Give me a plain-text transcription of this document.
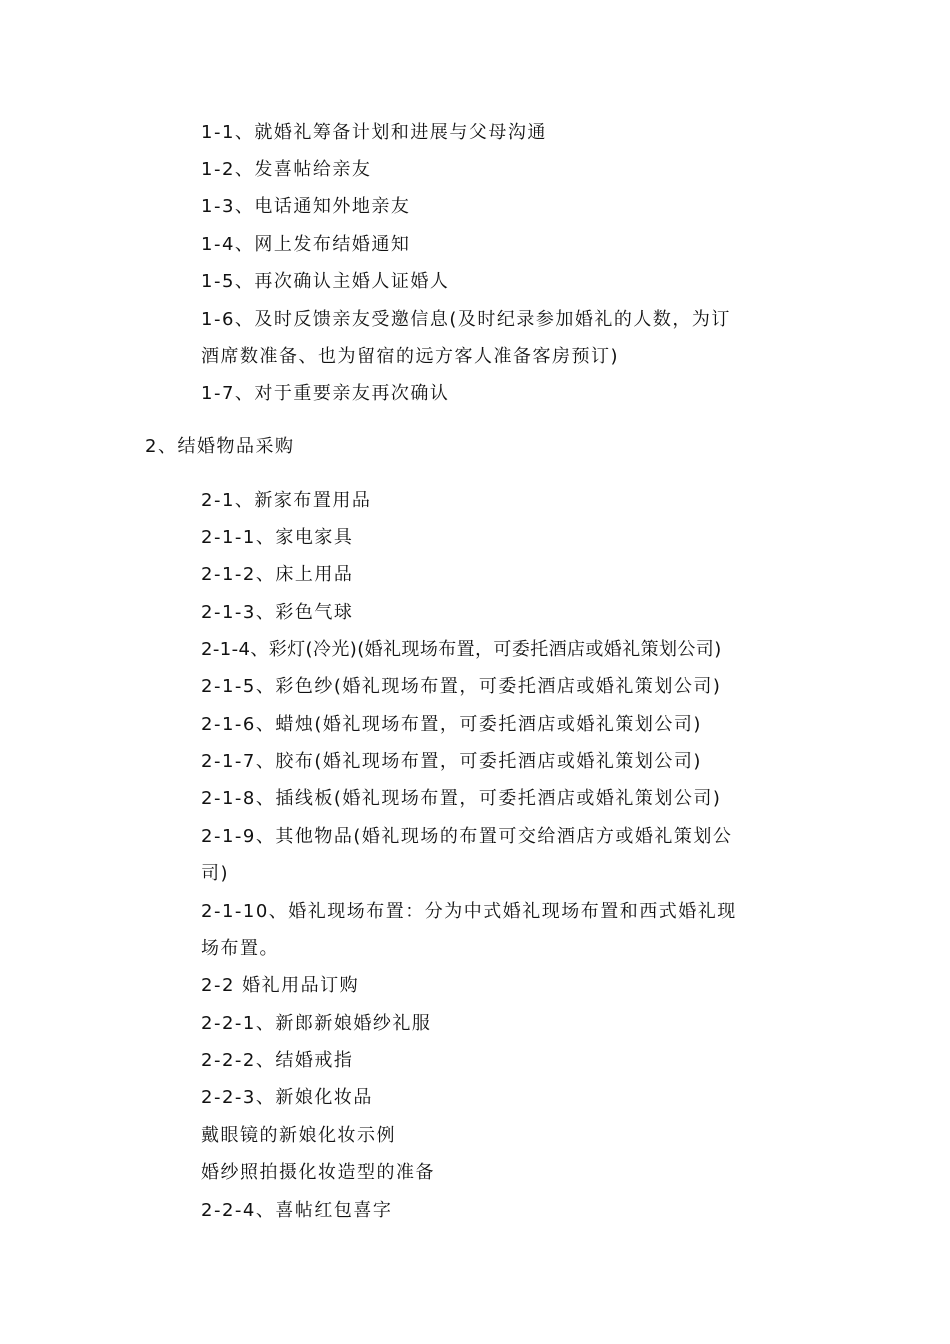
1-1、就婚礼筹备计划和进展与父母沟通
1-2、发喜帖给亲友
1-3、电话通知外地亲友
1-4、网上发布结婚通知
1-5、再次确认主婚人证婚人
1-6、及时反馈亲友受邀信息(及时纪录参加婚礼的人数，为订
酒席数准备、也为留宿的远方客人准备客房预订)
1-7、对于重要亲友再次确认
2、结婚物品采购
2-1、新家布置用品
2-1-1、家电家具
2-1-2、床上用品
2-1-3、彩色气球
2-1-4、彩灯(冷光)(婚礼现场布置，可委托酒店或婚礼策划公司)
2-1-5、彩色纱(婚礼现场布置，可委托酒店或婚礼策划公司)
2-1-6、蜡烛(婚礼现场布置，可委托酒店或婚礼策划公司)
2-1-7、胶布(婚礼现场布置，可委托酒店或婚礼策划公司)
2-1-8、插线板(婚礼现场布置，可委托酒店或婚礼策划公司)
2-1-9、其他物品(婚礼现场的布置可交给酒店方或婚礼策划公
司)
2-1-10、婚礼现场布置：分为中式婚礼现场布置和西式婚礼现
场布置。
2-2 婚礼用品订购
2-2-1、新郎新娘婚纱礼服
2-2-2、结婚戒指
2-2-3、新娘化妆品
戴眼镜的新娘化妆示例
婚纱照拍摄化妆造型的准备
2-2-4、喜帖红包喜字
